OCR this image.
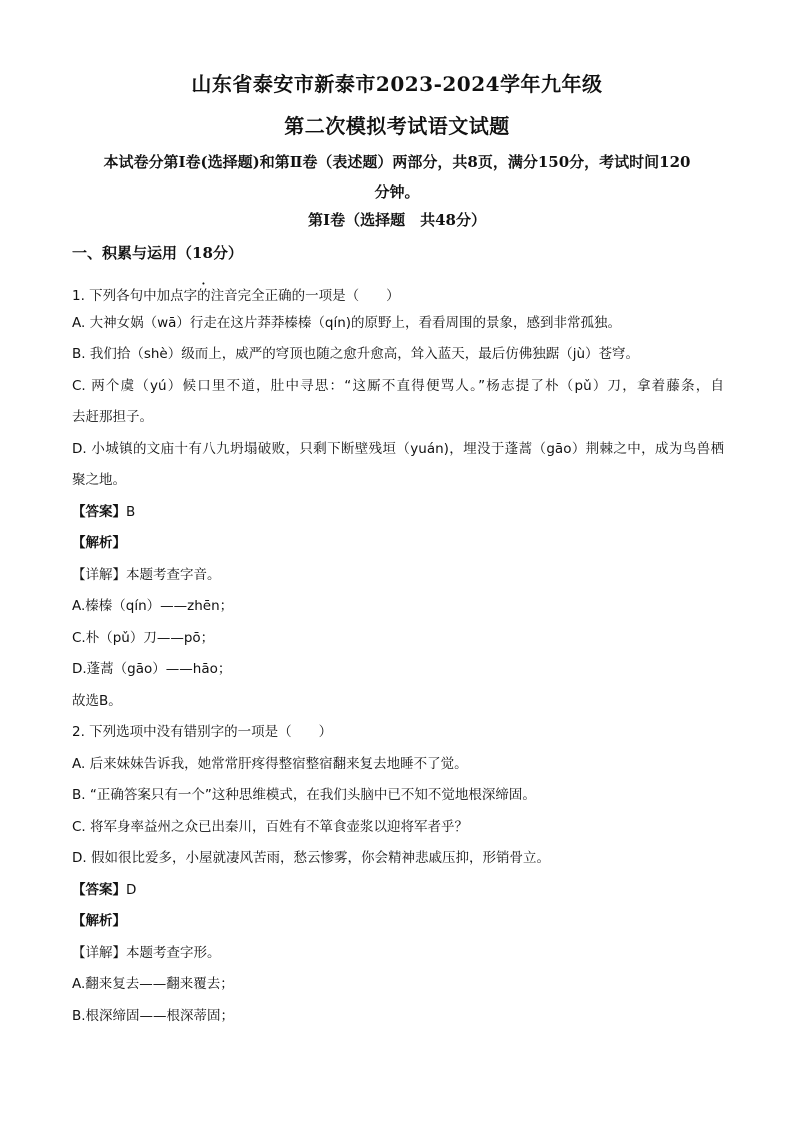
山东省泰安市新泰市2023-2024学年九年级
第二次模拟考试语文试题
本试卷分第Ⅰ卷(选择题)和第Ⅱ卷（表述题）两部分，共8页，满分150分，考试时间120
分钟。
第Ⅰ卷（选择题　共48分）
一、积累与运用（18分）
1. 下列各句中加点字的注音完全正确的一项是（　　）
A. 大神女娲（wā）行走在这片莽莽榛榛（qín)的原野上，看看周围的景象，感到非常孤独。
B. 我们拾（shè）级而上，威严的穹顶也随之愈升愈高，耸入蓝天，最后仿佛独踞（jù）苍穹。
C. 两个虞（yú）候口里不道，肚中寻思：“这厮不直得便骂人。”杨志提了朴（pǔ）刀，拿着藤条，自
去赶那担子。
D. 小城镇的文庙十有八九坍塌破败，只剩下断壁残垣（yuán)，埋没于蓬蒿（gāo）荆棘之中，成为鸟兽栖
聚之地。
【答案】B
【解析】
【详解】本题考查字音。
A.榛榛（qín）——zhēn；
C.朴（pǔ）刀——pō；
D.蓬蒿（gāo）——hāo；
故选B。
2. 下列选项中没有错别字的一项是（　　）
A. 后来妹妹告诉我，她常常肝疼得整宿整宿翻来复去地睡不了觉。
B. “正确答案只有一个”这种思维模式，在我们头脑中已不知不觉地根深缔固。
C. 将军身率益州之众已出秦川，百姓有不箪食壶浆以迎将军者乎？
D. 假如很比爱多，小屋就凄风苦雨，愁云惨雾，你会精神悲戚压抑，形销骨立。
【答案】D
【解析】
【详解】本题考查字形。
A.翻来复去——翻来覆去；
B.根深缔固——根深蒂固；
